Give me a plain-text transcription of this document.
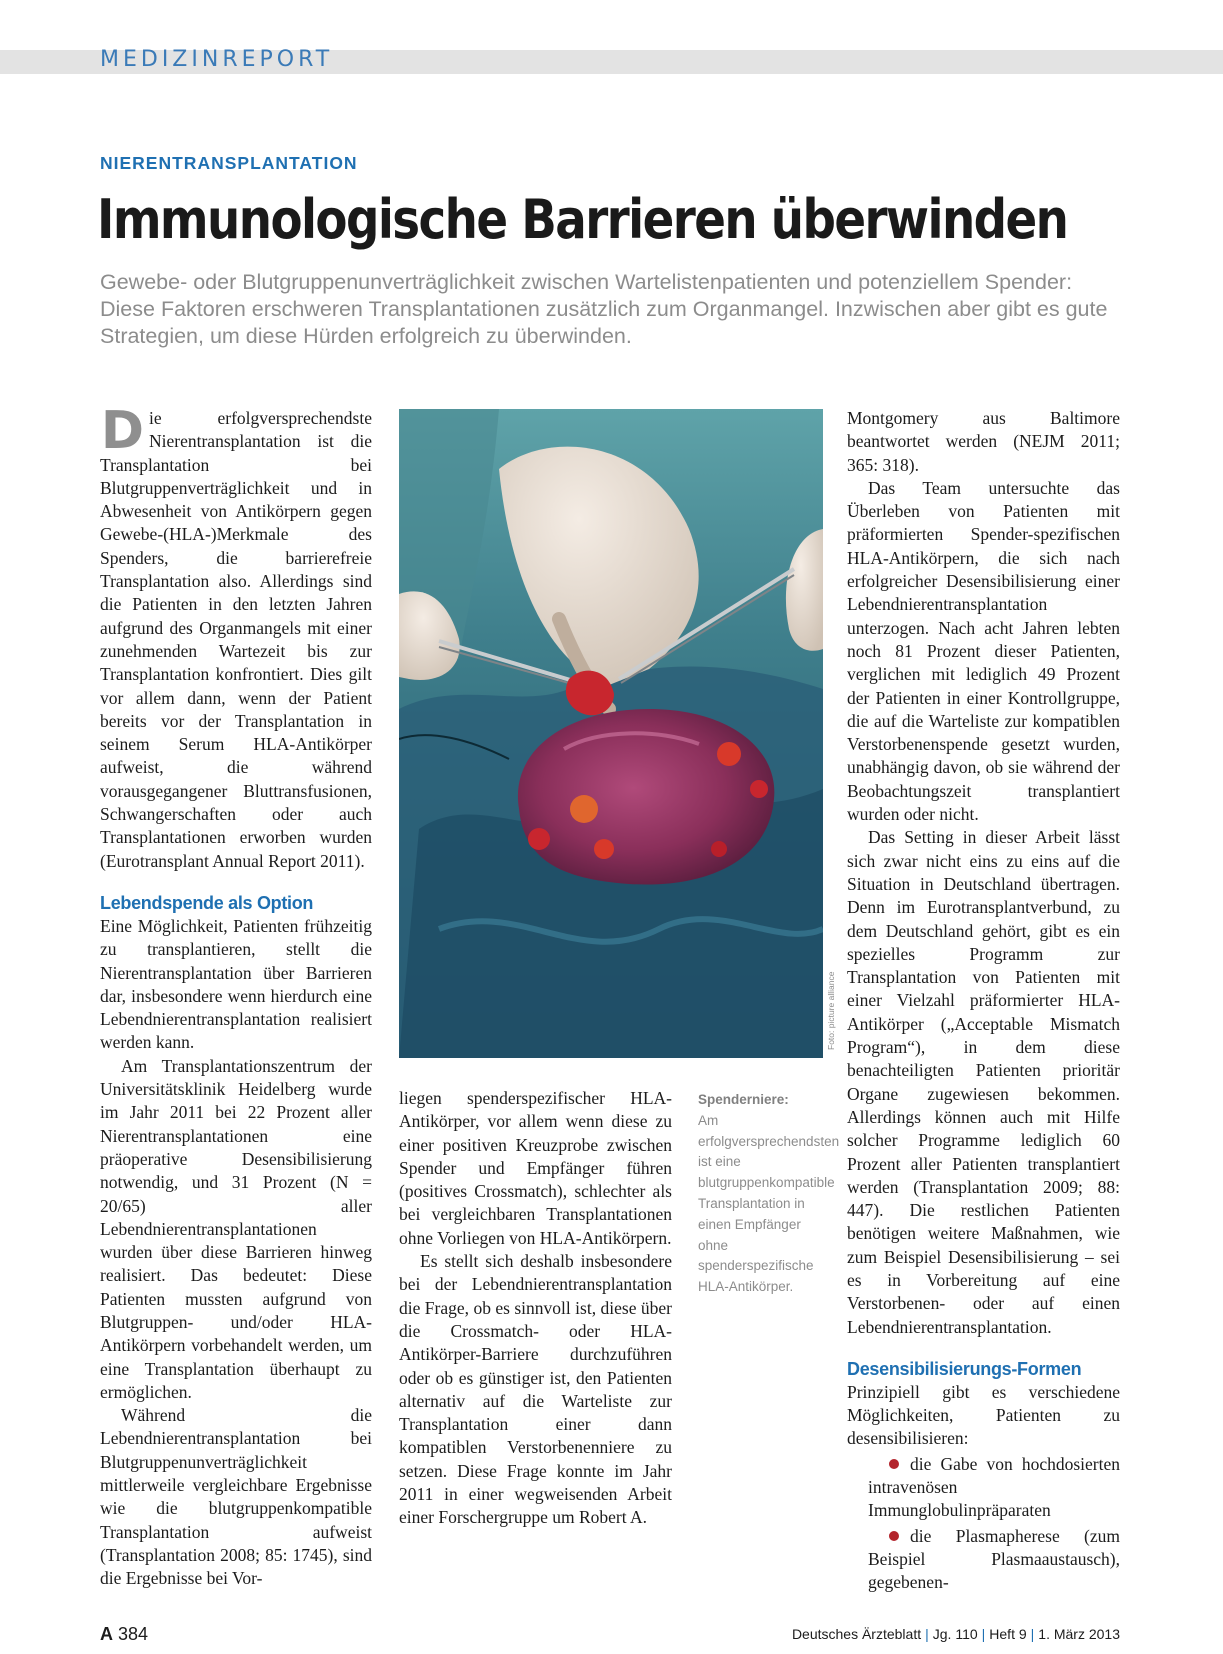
MEDIZINREPORT
NIERENTRANSPLANTATION
Immunologische Barrieren überwinden

Gewebe- oder Blutgruppenunverträglichkeit zwischen Wartelistenpatienten und potenziellem Spender: Diese Faktoren erschweren Transplantationen zusätzlich zum Organmangel. Inzwischen aber gibt es gute Strategien, um diese Hürden erfolgreich zu überwinden.

Die erfolgversprechendste Nierentransplantation ist die Transplantation bei Blutgruppenverträglichkeit und in Abwesenheit von Antikörpern gegen Gewebe-(HLA-)Merkmale des Spenders, die barrierefreie Transplantation also. Allerdings sind die Patienten in den letzten Jahren aufgrund des Organmangels mit einer zunehmenden Wartezeit bis zur Transplantation konfrontiert. Dies gilt vor allem dann, wenn der Patient bereits vor der Transplantation in seinem Serum HLA-Antikörper aufweist, die während vorausgegangener Bluttransfusionen, Schwangerschaften oder auch Transplantationen erworben wurden (Eurotransplant Annual Report 2011).

Lebendspende als Option

Eine Möglichkeit, Patienten frühzeitig zu transplantieren, stellt die Nierentransplantation über Barrieren dar, insbesondere wenn hierdurch eine Lebendnierentransplantation realisiert werden kann.

Am Transplantationszentrum der Universitätsklinik Heidelberg wurde im Jahr 2011 bei 22 Prozent aller Nierentransplantationen eine präoperative Desensibilisierung notwendig, und 31 Prozent (N = 20/65) aller Lebendnierentransplantationen wurden über diese Barrieren hinweg realisiert. Das bedeutet: Diese Patienten mussten aufgrund von Blutgruppen- und/oder HLA-Antikörpern vorbehandelt werden, um eine Transplantation überhaupt zu ermöglichen.

Während die Lebendnierentransplantation bei Blutgruppenunverträglichkeit mittlerweile vergleichbare Ergebnisse wie die blutgruppenkompatible Transplantation aufweist (Transplantation 2008; 85: 1745), sind die Ergebnisse bei Vor-

Foto: picture alliance
Spenderniere:
Am erfolgversprechendsten ist eine blutgruppenkompatible Transplantation in einen Empfänger ohne spenderspezifische HLA-Antikörper.

liegen spenderspezifischer HLA-Antikörper, vor allem wenn diese zu einer positiven Kreuzprobe zwischen Spender und Empfänger führen (positives Crossmatch), schlechter als bei vergleichbaren Transplantationen ohne Vorliegen von HLA-Antikörpern.

Es stellt sich deshalb insbesondere bei der Lebendnierentransplantation die Frage, ob es sinnvoll ist, diese über die Crossmatch- oder HLA-Antikörper-Barriere durchzuführen oder ob es günstiger ist, den Patienten alternativ auf die Warteliste zur Transplantation einer dann kompatiblen Verstorbenenniere zu setzen. Diese Frage konnte im Jahr 2011 in einer wegweisenden Arbeit einer Forschergruppe um Robert A.

Montgomery aus Baltimore beantwortet werden (NEJM 2011; 365: 318).

Das Team untersuchte das Überleben von Patienten mit präformierten Spender-spezifischen HLA-Antikörpern, die sich nach erfolgreicher Desensibilisierung einer Lebendnierentransplantation unterzogen. Nach acht Jahren lebten noch 81 Prozent dieser Patienten, verglichen mit lediglich 49 Prozent der Patienten in einer Kontrollgruppe, die auf die Warteliste zur kompatiblen Verstorbenenspende gesetzt wurden, unabhängig davon, ob sie während der Beobachtungszeit transplantiert wurden oder nicht.

Das Setting in dieser Arbeit lässt sich zwar nicht eins zu eins auf die Situation in Deutschland übertragen. Denn im Eurotransplantverbund, zu dem Deutschland gehört, gibt es ein spezielles Programm zur Transplantation von Patienten mit einer Vielzahl präformierter HLA-Antikörper („Acceptable Mismatch Program“), in dem diese benachteiligten Patienten prioritär Organe zugewiesen bekommen. Allerdings können auch mit Hilfe solcher Programme lediglich 60 Prozent aller Patienten transplantiert werden (Transplantation 2009; 88: 447). Die restlichen Patienten benötigen weitere Maßnahmen, wie zum Beispiel Desensibilisierung – sei es in Vorbereitung auf eine Verstorbenen- oder auf einen Lebendnierentransplantation.

Desensibilisierungs-Formen

Prinzipiell gibt es verschiedene Möglichkeiten, Patienten zu desensibilisieren:

die Gabe von hochdosierten intravenösen Immunglobulinpräparaten

die Plasmapherese (zum Beispiel Plasmaaustausch), gegebenen-

A 384	Deutsches Ärzteblatt | Jg. 110 | Heft 9 | 1. März 2013
